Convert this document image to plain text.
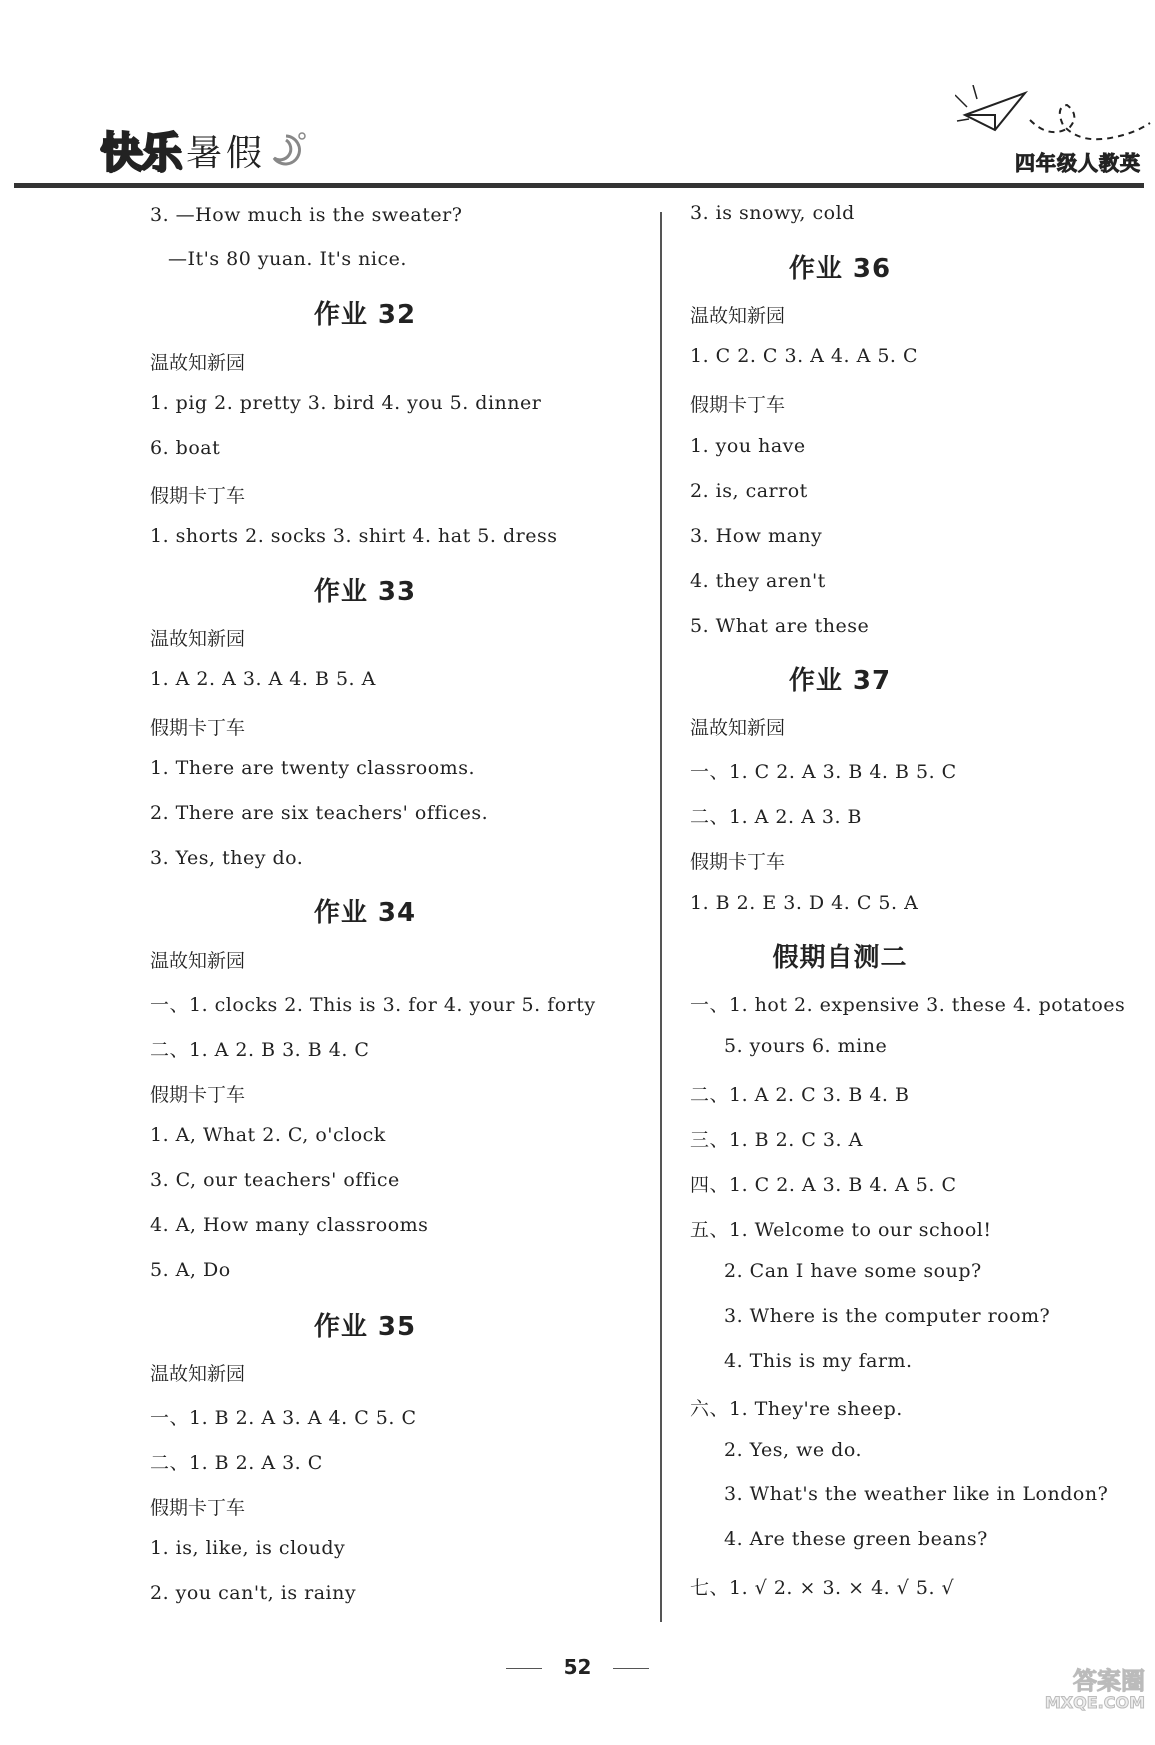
快 乐 暑 假	四年级人教英
3. —How much is the sweater?
—It's 80 yuan. It's nice.
作业 32
温故知新园
1. pig 2. pretty 3. bird 4. you 5. dinner
6. boat
假期卡丁车
1. shorts 2. socks 3. shirt 4. hat 5. dress
作业 33
温故知新园
1. A 2. A 3. A 4. B 5. A
假期卡丁车
1. There are twenty classrooms.
2. There are six teachers' offices.
3. Yes, they do.
作业 34
温故知新园
一、1. clocks 2. This is 3. for 4. your 5. forty
二、1. A 2. B 3. B 4. C
假期卡丁车
1. A, What 2. C, o'clock
3. C, our teachers' office
4. A, How many classrooms
5. A, Do
作业 35
温故知新园
一、1. B 2. A 3. A 4. C 5. C
二、1. B 2. A 3. C
假期卡丁车
1. is, like, is cloudy
2. you can't, is rainy
3. is snowy, cold
作业 36
温故知新园
1. C 2. C 3. A 4. A 5. C
假期卡丁车
1. you have
2. is, carrot
3. How many
4. they aren't
5. What are these
作业 37
温故知新园
一、1. C 2. A 3. B 4. B 5. C
二、1. A 2. A 3. B
假期卡丁车
1. B 2. E 3. D 4. C 5. A
假期自测二
一、1. hot 2. expensive 3. these 4. potatoes
5. yours 6. mine
二、1. A 2. C 3. B 4. B
三、1. B 2. C 3. A
四、1. C 2. A 3. B 4. A 5. C
五、1. Welcome to our school!
2. Can I have some soup?
3. Where is the computer room?
4. This is my farm.
六、1. They're sheep.
2. Yes, we do.
3. What's the weather like in London?
4. Are these green beans?
七、1. √ 2. × 3. × 4. √ 5. √
52	答案圈
MXQE.COM
